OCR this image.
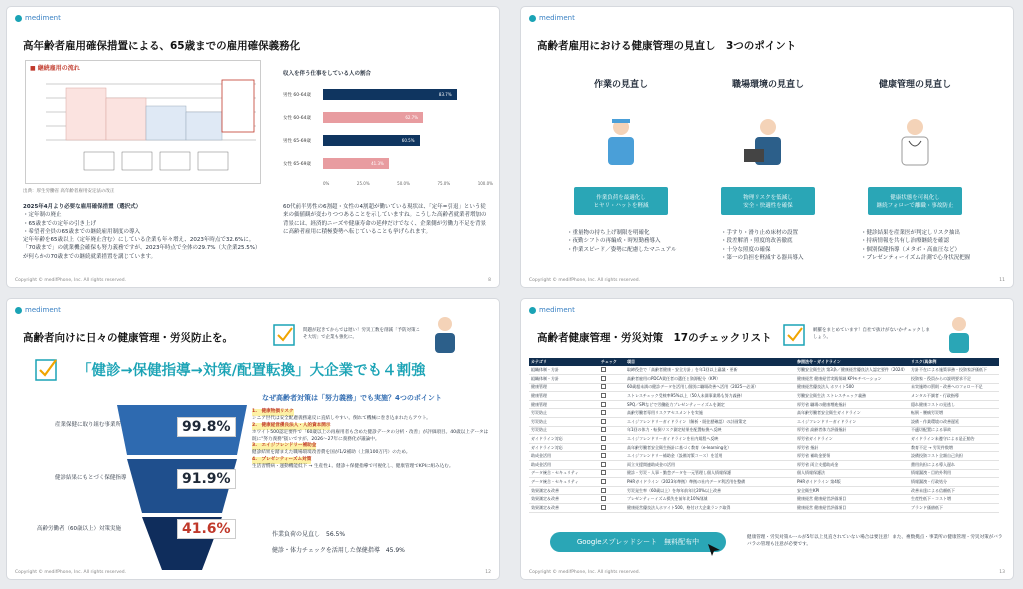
mediment
高年齢者雇用確保措置による、65歳までの雇用確保義務化
■ 継続雇用の流れ
出典：厚生労働省 高年齢者雇用安定法の改正
2025年4月より必要な雇用確保措置（選択式）
・定年制の廃止
・65歳までの定年の引き上げ
・希望者全員の65歳までの継続雇用制度の導入
定年年齢を65歳以上（定年廃止含む）にしている企業も年々増え、2023年時点で32.6%に。
「70歳まで」の就業機会確保も努力義務ですが、2023年時点で全体の29.7%（大企業25.5%）が何らかの70歳までの継続就業措置を講じています。
収入を伴う仕事をしている人の割合
男性 60-64歳	83.7%
女性 60-64歳	62.7%
男性 65-69歳	60.5%
女性 65-69歳	41.3%
0%	25.0%	50.0%	75.0%	100.0%
60代前半男性の6割超・女性の4割超が働いている現状は、「定年=引退」という従来の価値観が変わりつつあることを示していますね。こうした高齢者就業者増加の背景には、経済的ニーズや健康寿命の延伸だけでなく、企業側が労働力不足を背景に高齢者雇用に積極姿勢へ転じていることも挙げられます。
Copyright © medifPhone, Inc. All rights reserved.	8
mediment
高齢者雇用における健康管理の見直し　3つのポイント
作業の見直し	職場環境の見直し	健康管理の見直し
作業負荷を最適化し
ヒヤリ・ハットを軽減
物理リスクを低減し
安全・快適性を確保
健康状態を可視化し
継続フォローで離職・事故防止
・重量物の持ち上げ制限を明確化
・夜勤シフトの再編成・時短勤務導入
・作業スピード／姿勢に配慮したマニュアル
・手すり・滑り止め床材の設置
・段差解消・照度的改善徹底
・十分な照度の確保
・第一の負担を軽減する器具導入
・健診結果を産業医が判定しリスク抽出
・持病情報を共有し治療継続を確認
・個別保健指導（メタボ・高血圧など）
・プレゼンティーイズム計測で心身状況把握
Copyright © medifPhone, Inc. All rights reserved.	11
mediment
高齢者向けに日々の健康管理・労災防止を。
問題が起きてからでは遅い！労災工数を削減「予防対策こそ大切」で企業も強化に。
「健診→保健指導→対策/配置転換」大企業でも４割強
産業保健に取り組む事業所
健診結果にもとづく保健指導
高齢労働者（60歳以上）対策実施
99.8%
91.9%
41.6%	作業負荷の見直し　56.5%
健診・体力チェックを活用した保健指導　45.9%
なぜ高齢者対策は「努力義務」でも実施？4つのポイント
1.　健康物損リスク
シニア世代は安全配慮義務違反に直結しやすい。倒れて機械に巻き込まれたらアウト。
2.　健康経営優良法人・人的資本開示
ホワイト500認定要件で「60歳以上の再雇用者も含めた健診データの分析・改善」が評価項目。40歳以上データは既に"努力義務"扱いですが、2026〜27年に義務化が議論中。
3.　エイジフレンドリー補助金
健診結果を踏まえた職場環境改善費を国が1/2補助（上限100万円）のため。
4.　プレゼンティーズム対策
生活習慣病・運動機能低下 → 生産性↓。健診＋保健指導で可視化し、健康管理でKPIに組み込む。
Copyright © medifPhone, Inc. All rights reserved.	12
mediment
高齢者健康管理・労災対策　17のチェックリスト
網羅をまとめています！自社で抜けがないかチェックしましょう。
カテゴリ	チェック	項目	参照法令・ガイドライン	リスク/具体例
組織体制・方針		取締役会で「高齢者健康・安全方針」を年1回以上審議・更新	労働安全衛生法 第3条／健康経営優良法人認定要件（2024）	方針不在による施策事務・投資家評価低下
組織体制・方針		高齢者雇用のPDCA責任者の選任と資源配分（KPI）	健康経営 健康経営実践領域 KPIモチベーション	投資家・役員からの説明要求不足
健康管理		60歳超未満の健診データを活用し個別に職場改善へ活用（2025〜必須）	健康経営優良法人 ホワイト500	未実施時の罰則・改善へのフォロー不足
健康管理		ストレスチェック受検率95%以上（50人未満事業場も努力義務）	労働安全衛生法 ストレスチェック義務	メンタル不調者・行政指導
健康管理		SPQ／SPIなどで労働能力プレゼンティーイズムを測定	厚労省 職場の健康増進指針	隠れ健康コストの見逃し
労災防止		高齢労働者専用リスクアセスメントを実施	高年齢労働者安全衛生ガイドライン	転倒・腰痛労災増
労災防止		エイジフレンドリーガイドライン（解析・既往歴確認）の計画策定	エイジフレンドリーガイドライン	設備・作業環境の改善遅延
労災防止		年1回の体力・転倒リスク測定結果を配置転換へ反映	厚労省 高齢者体力評価指針	不適切配置による事故
ガイドライン対応		エイジフレンドリーガイドラインを社内規程へ反映	厚労省ガイドライン	ガイドライン未遵守による是正勧告
ガイドライン対応		高年齢労働者安全衛生指針に基づく教育（e-learning化）	厚労省 指針	教育不足 → 労災件数増
助成金活用		エイジフレンドリー補助金（設備対策コース）を活用	厚労省 補助金要領	設備投資コスト全額自己負担
助成金活用		両立支援関連助成金の活用	厚労省 両立支援助成金	費用負担による導入遅れ
データ統合・セキュリティ		健診・労災・人事・勤怠データを一元管理し個人情報保護	個人情報保護法	情報漏洩・目的外利用
データ統合・セキュリティ		PHRガイドライン（2023年準拠）準拠の社内データ利活用を整備	PHRガイドライン 第4版	情報漏洩・行政処分
効果測定＆改善		労災発生率（60歳以上）を毎年前年比20%以上改善	安全衛生KPI	改善未達による信頼低下
効果測定＆改善		プレゼンティーイズム損失を前年比10%削減	健康経営 健康経営評価項目	生産性低下・コスト増
効果測定＆改善		健康経営優良法人ホワイト500、格付け大企業ランク取得	健康経営 健康経営評価項目	ブランド価値低下
Googleスプレッドシート　無料配布中
健康管理・労災対策ルールが5年以上見直されていない場合は要注意！また、複数拠点・事業所の健康管理・労災対策がバラバラの管理も注意が必要です。
Copyright © medifPhone, Inc. All rights reserved.	13
